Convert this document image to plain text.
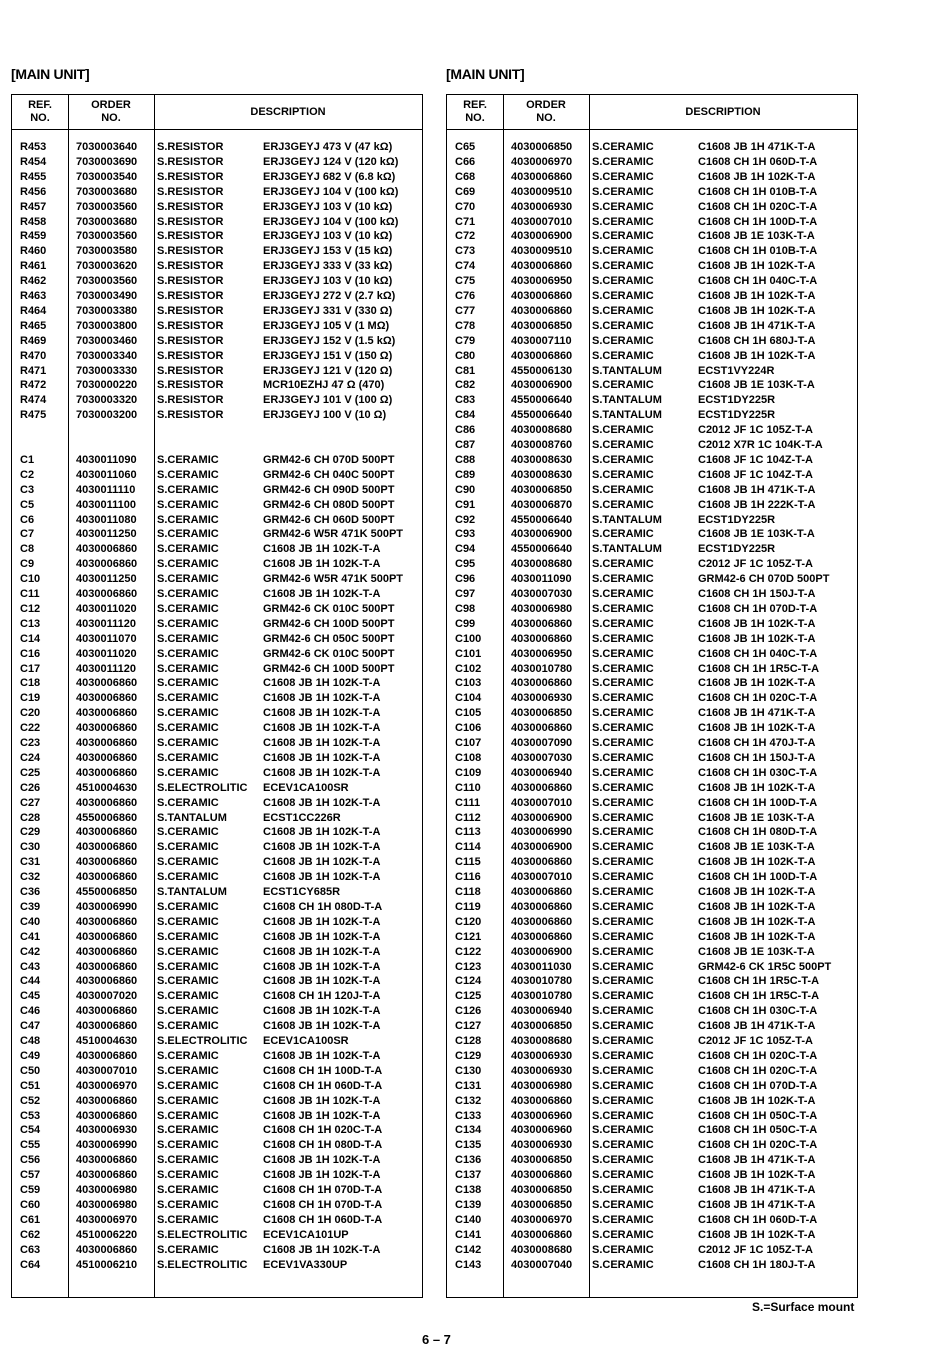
[MAIN UNIT]
REF.
NO.
ORDER
NO.
DESCRIPTION
R453	7030003640 S.RESISTOR	ERJ3GEYJ 473 V (47 kΩ)
R454	7030003690 S.RESISTOR	ERJ3GEYJ 124 V (120 kΩ)
R455	7030003540 S.RESISTOR	ERJ3GEYJ 682 V (6.8 kΩ)
R456	7030003680 S.RESISTOR	ERJ3GEYJ 104 V (100 kΩ)
R457	7030003560 S.RESISTOR	ERJ3GEYJ 103 V (10 kΩ)
R458	7030003680 S.RESISTOR	ERJ3GEYJ 104 V (100 kΩ)
R459	7030003560 S.RESISTOR	ERJ3GEYJ 103 V (10 kΩ)
R460	7030003580 S.RESISTOR	ERJ3GEYJ 153 V (15 kΩ)
R461	7030003620 S.RESISTOR	ERJ3GEYJ 333 V (33 kΩ)
R462	7030003560 S.RESISTOR	ERJ3GEYJ 103 V (10 kΩ)
R463	7030003490 S.RESISTOR	ERJ3GEYJ 272 V (2.7 kΩ)
R464	7030003380 S.RESISTOR	ERJ3GEYJ 331 V (330 Ω)
R465	7030003800 S.RESISTOR	ERJ3GEYJ 105 V (1 MΩ)
R469	7030003460 S.RESISTOR	ERJ3GEYJ 152 V (1.5 kΩ)
R470	7030003340 S.RESISTOR	ERJ3GEYJ 151 V (150 Ω)
R471	7030003330 S.RESISTOR	ERJ3GEYJ 121 V (120 Ω)
R472	7030000220 S.RESISTOR	MCR10EZHJ 47 Ω (470)
R474	7030003320 S.RESISTOR	ERJ3GEYJ 101 V (100 Ω)
R475	7030003200 S.RESISTOR	ERJ3GEYJ 100 V (10 Ω)
C1	4030011090 S.CERAMIC	GRM42-6 CH 070D 500PT
C2	4030011060 S.CERAMIC	GRM42-6 CH 040C 500PT
C3	4030011110 S.CERAMIC	GRM42-6 CH 090D 500PT
C5	4030011100 S.CERAMIC	GRM42-6 CH 080D 500PT
C6	4030011080 S.CERAMIC	GRM42-6 CH 060D 500PT
C7	4030011250 S.CERAMIC	GRM42-6 W5R 471K 500PT
C8	4030006860 S.CERAMIC	C1608 JB 1H 102K-T-A
C9	4030006860 S.CERAMIC	C1608 JB 1H 102K-T-A
C10	4030011250 S.CERAMIC	GRM42-6 W5R 471K 500PT
C11	4030006860 S.CERAMIC	C1608 JB 1H 102K-T-A
C12	4030011020 S.CERAMIC	GRM42-6 CK 010C 500PT
C13	4030011120 S.CERAMIC	GRM42-6 CH 100D 500PT
C14	4030011070 S.CERAMIC	GRM42-6 CH 050C 500PT
C16	4030011020 S.CERAMIC	GRM42-6 CK 010C 500PT
C17	4030011120 S.CERAMIC	GRM42-6 CH 100D 500PT
C18	4030006860 S.CERAMIC	C1608 JB 1H 102K-T-A
C19	4030006860 S.CERAMIC	C1608 JB 1H 102K-T-A
C20	4030006860 S.CERAMIC	C1608 JB 1H 102K-T-A
C22	4030006860 S.CERAMIC	C1608 JB 1H 102K-T-A
C23	4030006860 S.CERAMIC	C1608 JB 1H 102K-T-A
C24	4030006860 S.CERAMIC	C1608 JB 1H 102K-T-A
C25	4030006860 S.CERAMIC	C1608 JB 1H 102K-T-A
C26	4510004630 S.ELECTROLITIC ECEV1CA100SR
C27	4030006860 S.CERAMIC	C1608 JB 1H 102K-T-A
C28	4550006860 S.TANTALUM	ECST1CC226R
C29	4030006860 S.CERAMIC	C1608 JB 1H 102K-T-A
C30	4030006860 S.CERAMIC	C1608 JB 1H 102K-T-A
C31	4030006860 S.CERAMIC	C1608 JB 1H 102K-T-A
C32	4030006860 S.CERAMIC	C1608 JB 1H 102K-T-A
C36	4550006850 S.TANTALUM	ECST1CY685R
C39	4030006990 S.CERAMIC	C1608 CH 1H 080D-T-A
C40	4030006860 S.CERAMIC	C1608 JB 1H 102K-T-A
C41	4030006860 S.CERAMIC	C1608 JB 1H 102K-T-A
C42	4030006860 S.CERAMIC	C1608 JB 1H 102K-T-A
C43	4030006860 S.CERAMIC	C1608 JB 1H 102K-T-A
C44	4030006860 S.CERAMIC	C1608 JB 1H 102K-T-A
C45	4030007020 S.CERAMIC	C1608 CH 1H 120J-T-A
C46	4030006860 S.CERAMIC	C1608 JB 1H 102K-T-A
C47	4030006860 S.CERAMIC	C1608 JB 1H 102K-T-A
C48	4510004630 S.ELECTROLITIC ECEV1CA100SR
C49	4030006860 S.CERAMIC	C1608 JB 1H 102K-T-A
C50	4030007010 S.CERAMIC	C1608 CH 1H 100D-T-A
C51	4030006970 S.CERAMIC	C1608 CH 1H 060D-T-A
C52	4030006860 S.CERAMIC	C1608 JB 1H 102K-T-A
C53	4030006860 S.CERAMIC	C1608 JB 1H 102K-T-A
C54	4030006930 S.CERAMIC	C1608 CH 1H 020C-T-A
C55	4030006990 S.CERAMIC	C1608 CH 1H 080D-T-A
C56	4030006860 S.CERAMIC	C1608 JB 1H 102K-T-A
C57	4030006860 S.CERAMIC	C1608 JB 1H 102K-T-A
C59	4030006980 S.CERAMIC	C1608 CH 1H 070D-T-A
C60	4030006980 S.CERAMIC	C1608 CH 1H 070D-T-A
C61	4030006970 S.CERAMIC	C1608 CH 1H 060D-T-A
C62	4510006220 S.ELECTROLITIC ECEV1CA101UP
C63	4030006860 S.CERAMIC	C1608 JB 1H 102K-T-A
C64	4510006210 S.ELECTROLITIC ECEV1VA330UP
[MAIN UNIT]
REF.
NO.
ORDER
NO.
DESCRIPTION
C65	4030006850 S.CERAMIC	C1608 JB 1H 471K-T-A
C66	4030006970 S.CERAMIC	C1608 CH 1H 060D-T-A
C68	4030006860 S.CERAMIC	C1608 JB 1H 102K-T-A
C69	4030009510 S.CERAMIC	C1608 CH 1H 010B-T-A
C70	4030006930 S.CERAMIC	C1608 CH 1H 020C-T-A
C71	4030007010 S.CERAMIC	C1608 CH 1H 100D-T-A
C72	4030006900 S.CERAMIC	C1608 JB 1E 103K-T-A
C73	4030009510 S.CERAMIC	C1608 CH 1H 010B-T-A
C74	4030006860 S.CERAMIC	C1608 JB 1H 102K-T-A
C75	4030006950 S.CERAMIC	C1608 CH 1H 040C-T-A
C76	4030006860 S.CERAMIC	C1608 JB 1H 102K-T-A
C77	4030006860 S.CERAMIC	C1608 JB 1H 102K-T-A
C78	4030006850 S.CERAMIC	C1608 JB 1H 471K-T-A
C79	4030007110 S.CERAMIC	C1608 CH 1H 680J-T-A
C80	4030006860 S.CERAMIC	C1608 JB 1H 102K-T-A
C81	4550006130 S.TANTALUM	ECST1VY224R
C82	4030006900 S.CERAMIC	C1608 JB 1E 103K-T-A
C83	4550006640 S.TANTALUM	ECST1DY225R
C84	4550006640 S.TANTALUM	ECST1DY225R
C86	4030008680 S.CERAMIC	C2012 JF 1C 105Z-T-A
C87	4030008760 S.CERAMIC	C2012 X7R 1C 104K-T-A
C88	4030008630 S.CERAMIC	C1608 JF 1C 104Z-T-A
C89	4030008630 S.CERAMIC	C1608 JF 1C 104Z-T-A
C90	4030006850 S.CERAMIC	C1608 JB 1H 471K-T-A
C91	4030006870 S.CERAMIC	C1608 JB 1H 222K-T-A
C92	4550006640 S.TANTALUM	ECST1DY225R
C93	4030006900 S.CERAMIC	C1608 JB 1E 103K-T-A
C94	4550006640 S.TANTALUM	ECST1DY225R
C95	4030008680 S.CERAMIC	C2012 JF 1C 105Z-T-A
C96	4030011090 S.CERAMIC	GRM42-6 CH 070D 500PT
C97	4030007030 S.CERAMIC	C1608 CH 1H 150J-T-A
C98	4030006980 S.CERAMIC	C1608 CH 1H 070D-T-A
C99	4030006860 S.CERAMIC	C1608 JB 1H 102K-T-A
C100	4030006860 S.CERAMIC	C1608 JB 1H 102K-T-A
C101	4030006950 S.CERAMIC	C1608 CH 1H 040C-T-A
C102	4030010780 S.CERAMIC	C1608 CH 1H 1R5C-T-A
C103	4030006860 S.CERAMIC	C1608 JB 1H 102K-T-A
C104	4030006930 S.CERAMIC	C1608 CH 1H 020C-T-A
C105	4030006850 S.CERAMIC	C1608 JB 1H 471K-T-A
C106	4030006860 S.CERAMIC	C1608 JB 1H 102K-T-A
C107	4030007090 S.CERAMIC	C1608 CH 1H 470J-T-A
C108	4030007030 S.CERAMIC	C1608 CH 1H 150J-T-A
C109	4030006940 S.CERAMIC	C1608 CH 1H 030C-T-A
C110	4030006860 S.CERAMIC	C1608 JB 1H 102K-T-A
C111	4030007010 S.CERAMIC	C1608 CH 1H 100D-T-A
C112	4030006900 S.CERAMIC	C1608 JB 1E 103K-T-A
C113	4030006990 S.CERAMIC	C1608 CH 1H 080D-T-A
C114	4030006900 S.CERAMIC	C1608 JB 1E 103K-T-A
C115	4030006860 S.CERAMIC	C1608 JB 1H 102K-T-A
C116	4030007010 S.CERAMIC	C1608 CH 1H 100D-T-A
C118	4030006860 S.CERAMIC	C1608 JB 1H 102K-T-A
C119	4030006860 S.CERAMIC	C1608 JB 1H 102K-T-A
C120	4030006860 S.CERAMIC	C1608 JB 1H 102K-T-A
C121	4030006860 S.CERAMIC	C1608 JB 1H 102K-T-A
C122	4030006900 S.CERAMIC	C1608 JB 1E 103K-T-A
C123	4030011030 S.CERAMIC	GRM42-6 CK 1R5C 500PT
C124	4030010780 S.CERAMIC	C1608 CH 1H 1R5C-T-A
C125	4030010780 S.CERAMIC	C1608 CH 1H 1R5C-T-A
C126	4030006940 S.CERAMIC	C1608 CH 1H 030C-T-A
C127	4030006850 S.CERAMIC	C1608 JB 1H 471K-T-A
C128	4030008680 S.CERAMIC	C2012 JF 1C 105Z-T-A
C129	4030006930 S.CERAMIC	C1608 CH 1H 020C-T-A
C130	4030006930 S.CERAMIC	C1608 CH 1H 020C-T-A
C131	4030006980 S.CERAMIC	C1608 CH 1H 070D-T-A
C132	4030006860 S.CERAMIC	C1608 JB 1H 102K-T-A
C133	4030006960 S.CERAMIC	C1608 CH 1H 050C-T-A
C134	4030006960 S.CERAMIC	C1608 CH 1H 050C-T-A
C135	4030006930 S.CERAMIC	C1608 CH 1H 020C-T-A
C136	4030006850 S.CERAMIC	C1608 JB 1H 471K-T-A
C137	4030006860 S.CERAMIC	C1608 JB 1H 102K-T-A
C138	4030006850 S.CERAMIC	C1608 JB 1H 471K-T-A
C139	4030006850 S.CERAMIC	C1608 JB 1H 471K-T-A
C140	4030006970 S.CERAMIC	C1608 CH 1H 060D-T-A
C141	4030006860 S.CERAMIC	C1608 JB 1H 102K-T-A
C142	4030008680 S.CERAMIC	C2012 JF 1C 105Z-T-A
C143	4030007040 S.CERAMIC	C1608 CH 1H 180J-T-A
S.=Surface mount
6 – 7
